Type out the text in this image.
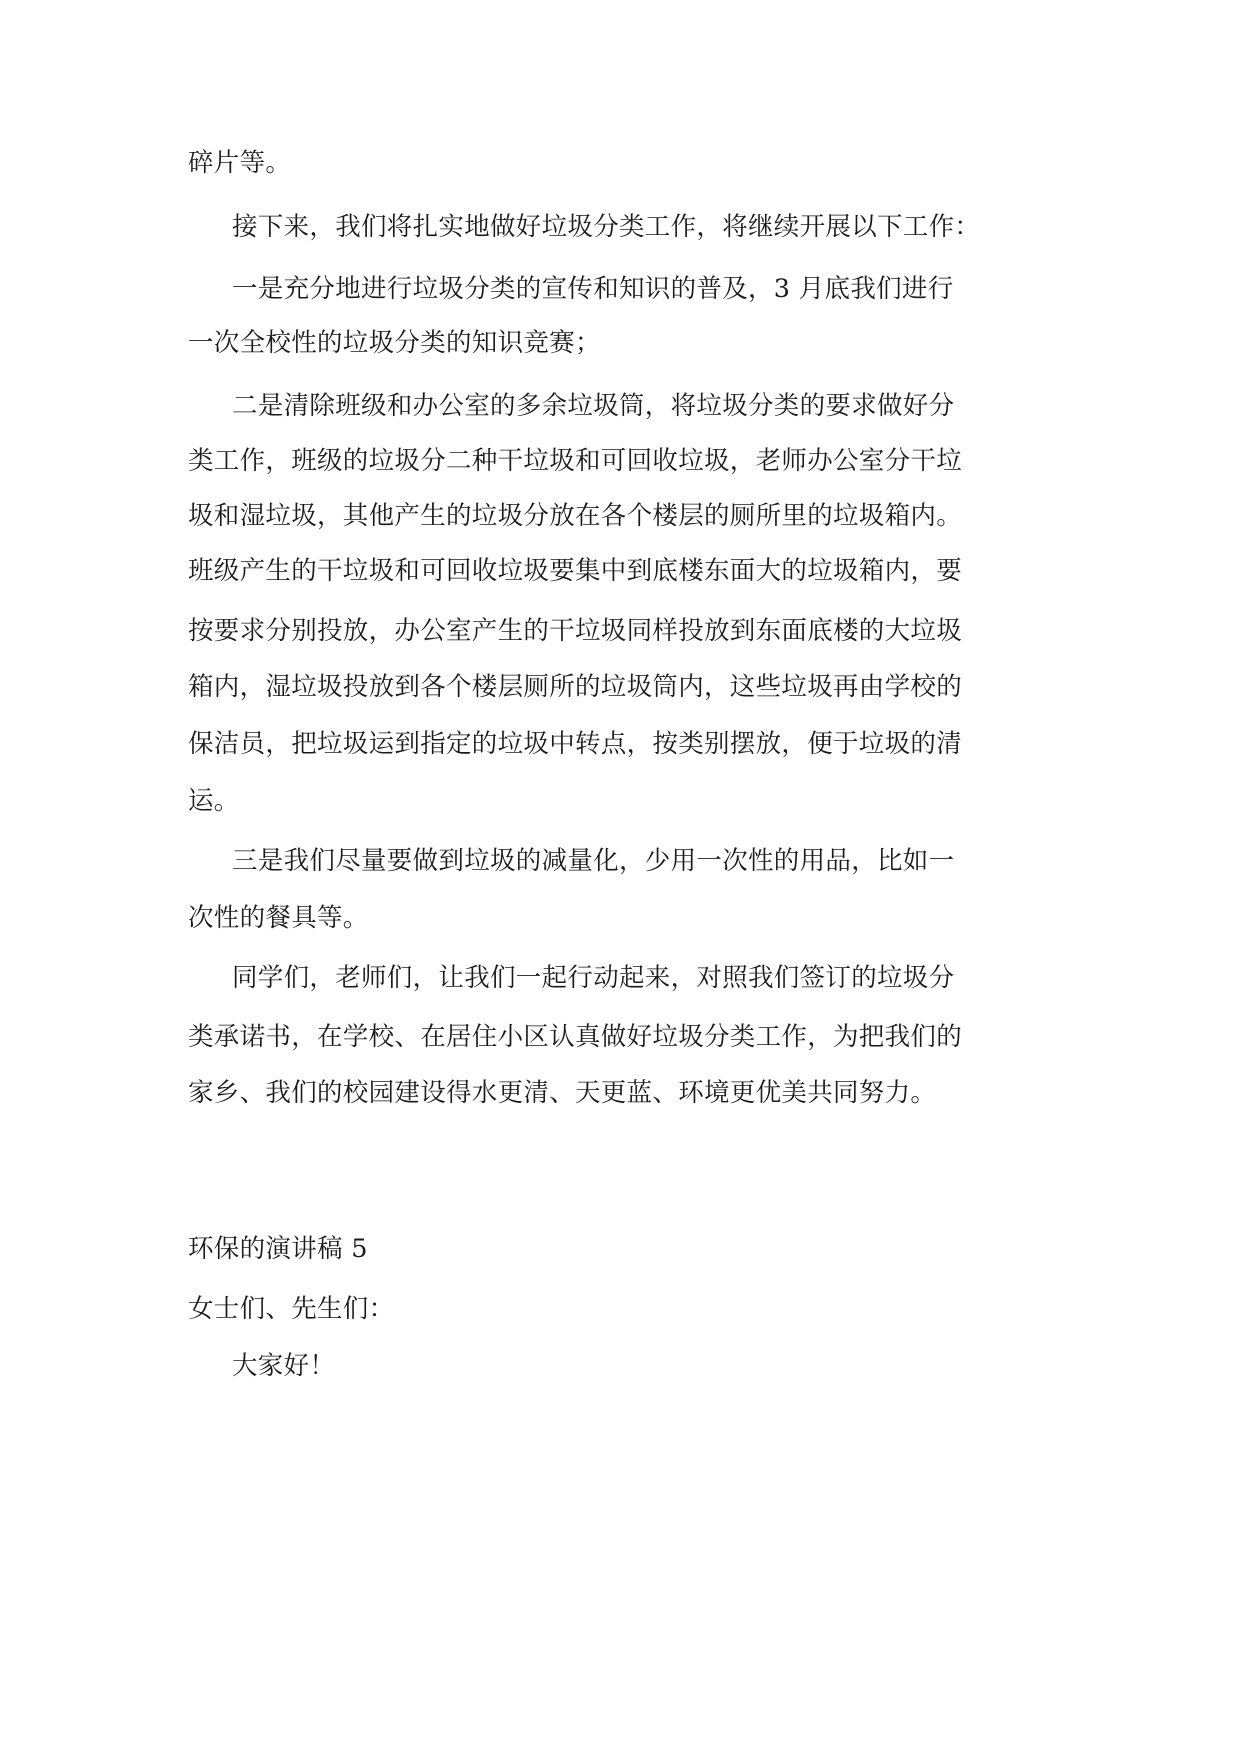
碎片等。
接下来，我们将扎实地做好垃圾分类工作，将继续开展以下工作：
一是充分地进行垃圾分类的宣传和知识的普及，3 月底我们进行
一次全校性的垃圾分类的知识竞赛；
二是清除班级和办公室的多余垃圾筒，将垃圾分类的要求做好分
类工作，班级的垃圾分二种干垃圾和可回收垃圾，老师办公室分干垃
圾和湿垃圾，其他产生的垃圾分放在各个楼层的厕所里的垃圾箱内。
班级产生的干垃圾和可回收垃圾要集中到底楼东面大的垃圾箱内，要
按要求分别投放，办公室产生的干垃圾同样投放到东面底楼的大垃圾
箱内，湿垃圾投放到各个楼层厕所的垃圾筒内，这些垃圾再由学校的
保洁员，把垃圾运到指定的垃圾中转点，按类别摆放，便于垃圾的清
运。
三是我们尽量要做到垃圾的减量化，少用一次性的用品，比如一
次性的餐具等。
同学们，老师们，让我们一起行动起来，对照我们签订的垃圾分
类承诺书，在学校、在居住小区认真做好垃圾分类工作，为把我们的
家乡、我们的校园建设得水更清、天更蓝、环境更优美共同努力。
环保的演讲稿 5
女士们、先生们：
大家好！
